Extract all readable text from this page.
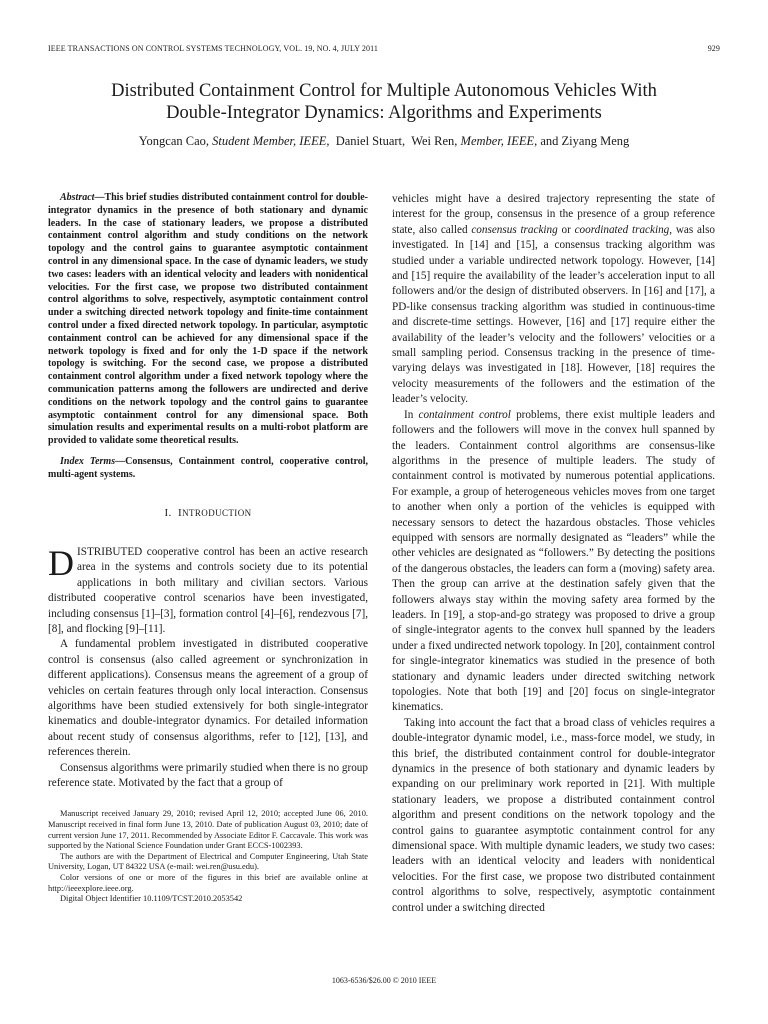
IEEE TRANSACTIONS ON CONTROL SYSTEMS TECHNOLOGY, VOL. 19, NO. 4, JULY 2011	929
Distributed Containment Control for Multiple Autonomous Vehicles With
Double-Integrator Dynamics: Algorithms and Experiments
Yongcan Cao, Student Member, IEEE, Daniel Stuart, Wei Ren, Member, IEEE, and Ziyang Meng

Abstract—This brief studies distributed containment control for double-integrator dynamics in the presence of both stationary and dynamic leaders. In the case of stationary leaders, we propose a distributed containment control algorithm and study conditions on the network topology and the control gains to guarantee asymptotic containment control in any dimensional space. In the case of dynamic leaders, we study two cases: leaders with an identical velocity and leaders with nonidentical velocities. For the first case, we propose two distributed containment control algorithms to solve, respectively, asymptotic containment control under a switching directed network topology and finite-time containment control under a fixed directed network topology. In particular, asymptotic containment control can be achieved for any dimensional space if the network topology is fixed and for only the 1-D space if the network topology is switching. For the second case, we propose a distributed containment control algorithm under a fixed network topology where the communication patterns among the followers are undirected and derive conditions on the network topology and the control gains to guarantee asymptotic containment control for any dimensional space. Both simulation results and experimental results on a multi-robot platform are provided to validate some theoretical results.

Index Terms—Consensus, Containment control, cooperative control, multi-agent systems.

I. INTRODUCTION

DISTRIBUTED cooperative control has been an active research area in the systems and controls society due to its potential applications in both military and civilian sectors. Various distributed cooperative control scenarios have been investigated, including consensus [1]–[3], formation control [4]–[6], rendezvous [7], [8], and flocking [9]–[11].

A fundamental problem investigated in distributed cooperative control is consensus (also called agreement or synchronization in different applications). Consensus means the agreement of a group of vehicles on certain features through only local interaction. Consensus algorithms have been studied extensively for both single-integrator kinematics and double-integrator dynamics. For detailed information about recent study of consensus algorithms, refer to [12], [13], and references therein.

Consensus algorithms were primarily studied when there is no group reference state. Motivated by the fact that a group of

Manuscript received January 29, 2010; revised April 12, 2010; accepted June 06, 2010. Manuscript received in final form June 13, 2010. Date of publication August 03, 2010; date of current version June 17, 2011. Recommended by Associate Editor F. Caccavale. This work was supported by the National Science Foundation under Grant ECCS-1002393.

The authors are with the Department of Electrical and Computer Engineering, Utah State University, Logan, UT 84322 USA (e-mail: wei.ren@usu.edu).

Color versions of one or more of the figures in this brief are available online at http://ieeexplore.ieee.org.

Digital Object Identifier 10.1109/TCST.2010.2053542

vehicles might have a desired trajectory representing the state of interest for the group, consensus in the presence of a group reference state, also called consensus tracking or coordinated tracking, was also investigated. In [14] and [15], a consensus tracking algorithm was studied under a variable undirected network topology. However, [14] and [15] require the availability of the leader’s acceleration input to all followers and/or the design of distributed observers. In [16] and [17], a PD-like consensus tracking algorithm was studied in continuous-time and discrete-time settings. However, [16] and [17] require either the availability of the leader’s velocity and the followers’ velocities or a small sampling period. Consensus tracking in the presence of time-varying delays was investigated in [18]. However, [18] requires the velocity measurements of the followers and the estimation of the leader’s velocity.

In containment control problems, there exist multiple leaders and followers and the followers will move in the convex hull spanned by the leaders. Containment control algorithms are consensus-like algorithms in the presence of multiple leaders. The study of containment control is motivated by numerous potential applications. For example, a group of heterogeneous vehicles moves from one target to another when only a portion of the vehicles is equipped with necessary sensors to detect the hazardous obstacles. Those vehicles equipped with sensors are normally designated as “leaders” while the other vehicles are designated as “followers.” By detecting the positions of the dangerous obstacles, the leaders can form a (moving) safety area. Then the group can arrive at the destination safely given that the followers always stay within the moving safety area formed by the leaders. In [19], a stop-and-go strategy was proposed to drive a group of single-integrator agents to the convex hull spanned by the leaders under a fixed undirected network topology. In [20], containment control for single-integrator kinematics was studied in the presence of both stationary and dynamic leaders under directed switching network topologies. Note that both [19] and [20] focus on single-integrator kinematics.

Taking into account the fact that a broad class of vehicles requires a double-integrator dynamic model, i.e., mass-force model, we study, in this brief, the distributed containment control for double-integrator dynamics in the presence of both stationary and dynamic leaders by expanding on our preliminary work reported in [21]. With multiple stationary leaders, we propose a distributed containment control algorithm and present conditions on the network topology and the control gains to guarantee asymptotic containment control for any dimensional space. With multiple dynamic leaders, we study two cases: leaders with an identical velocity and leaders with nonidentical velocities. For the first case, we propose two distributed containment control algorithms to solve, respectively, asymptotic containment control under a switching directed

1063-6536/$26.00 © 2010 IEEE
